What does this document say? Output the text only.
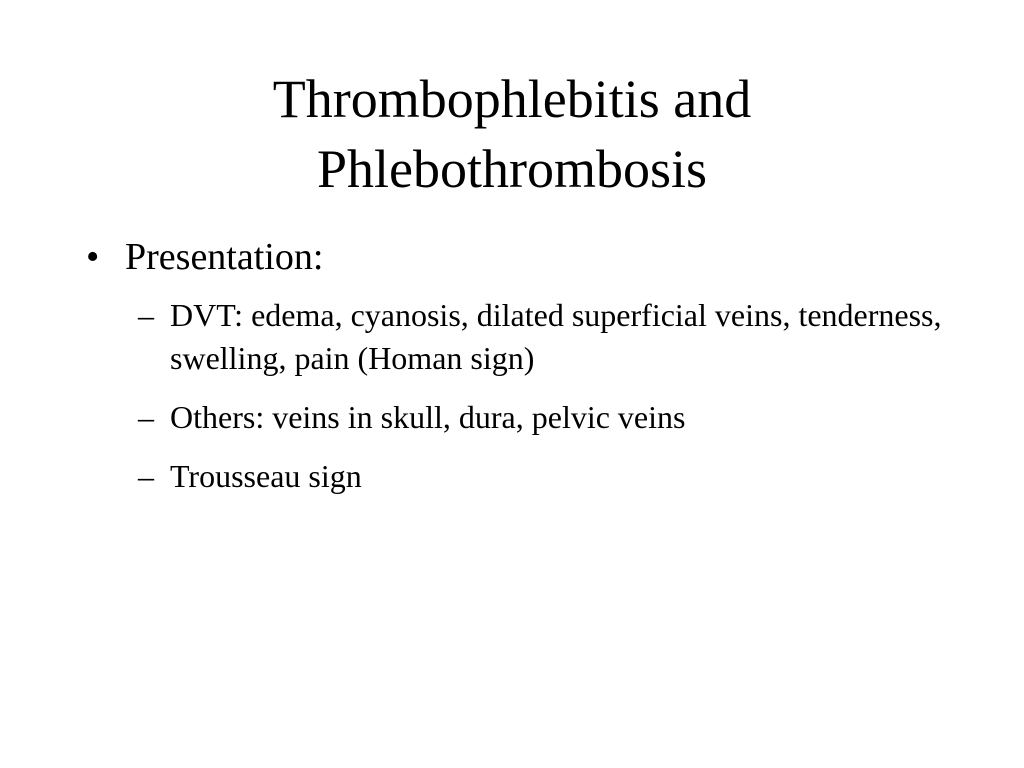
Thrombophlebitis and
Phlebothrombosis
• Presentation:
– DVT: edema, cyanosis, dilated superficial veins, tenderness, swelling, pain (Homan sign)
– Others: veins in skull, dura, pelvic veins
– Trousseau sign
